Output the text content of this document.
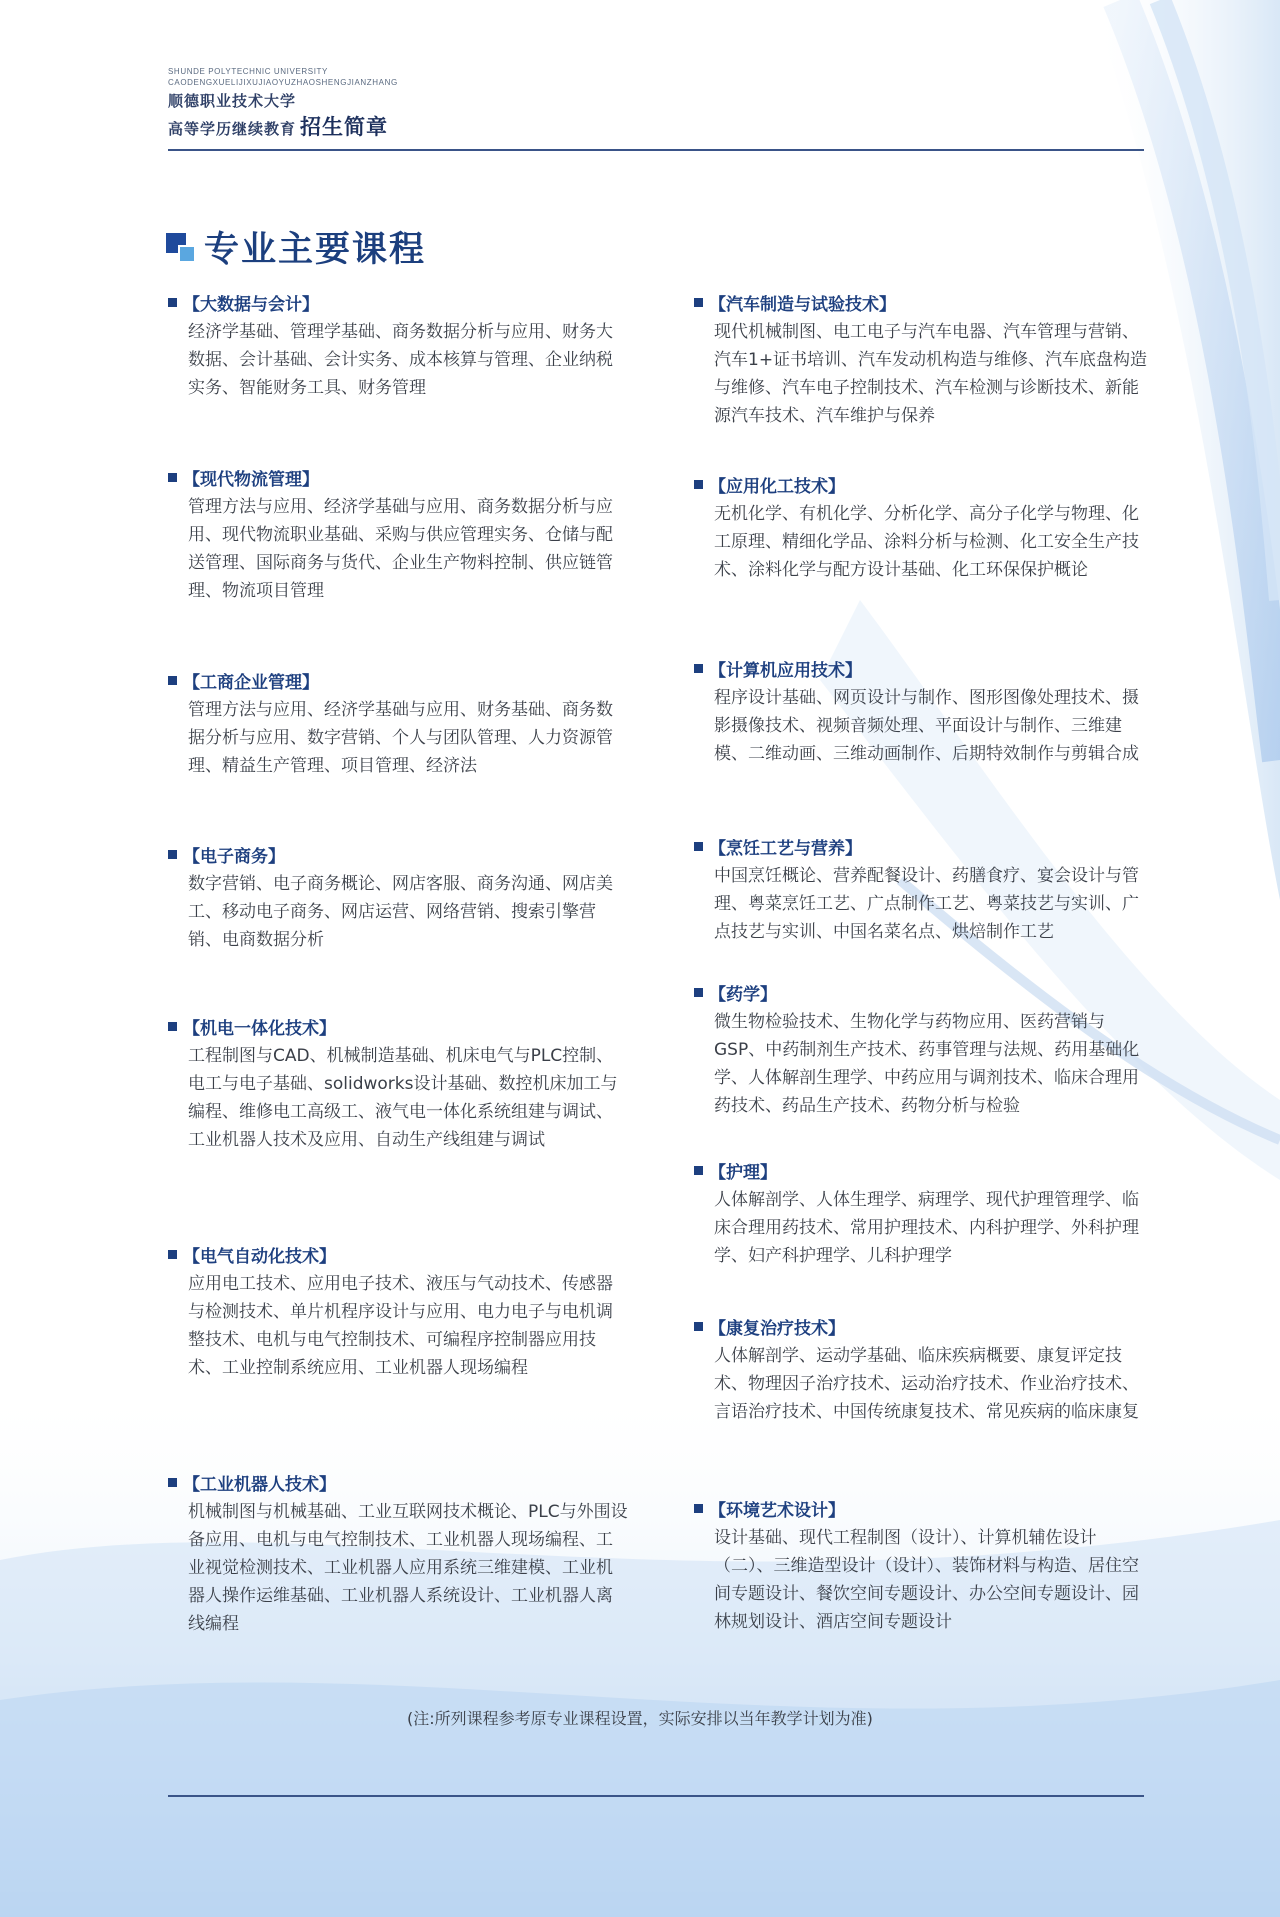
SHUNDE POLYTECHNIC UNIVERSITY
CAODENGXUELIJIXUJIAOYUZHAOSHENGJIANZHANG
顺德职业技术大学
高等学历继续教育 招生简章
专业主要课程
【大数据与会计】
经济学基础、管理学基础、商务数据分析与应用、财务大数据、会计基础、会计实务、成本核算与管理、企业纳税实务、智能财务工具、财务管理
【现代物流管理】
管理方法与应用、经济学基础与应用、商务数据分析与应用、现代物流职业基础、采购与供应管理实务、仓储与配送管理、国际商务与货代、企业生产物料控制、供应链管理、物流项目管理
【工商企业管理】
管理方法与应用、经济学基础与应用、财务基础、商务数据分析与应用、数字营销、个人与团队管理、人力资源管理、精益生产管理、项目管理、经济法
【电子商务】
数字营销、电子商务概论、网店客服、商务沟通、网店美工、移动电子商务、网店运营、网络营销、搜索引擎营销、电商数据分析
【机电一体化技术】
工程制图与CAD、机械制造基础、机床电气与PLC控制、电工与电子基础、solidworks设计基础、数控机床加工与编程、维修电工高级工、液气电一体化系统组建与调试、工业机器人技术及应用、自动生产线组建与调试
【电气自动化技术】
应用电工技术、应用电子技术、液压与气动技术、传感器与检测技术、单片机程序设计与应用、电力电子与电机调整技术、电机与电气控制技术、可编程序控制器应用技术、工业控制系统应用、工业机器人现场编程
【工业机器人技术】
机械制图与机械基础、工业互联网技术概论、PLC与外围设备应用、电机与电气控制技术、工业机器人现场编程、工业视觉检测技术、工业机器人应用系统三维建模、工业机器人操作运维基础、工业机器人系统设计、工业机器人离线编程
【汽车制造与试验技术】
现代机械制图、电工电子与汽车电器、汽车管理与营销、汽车1+证书培训、汽车发动机构造与维修、汽车底盘构造与维修、汽车电子控制技术、汽车检测与诊断技术、新能源汽车技术、汽车维护与保养
【应用化工技术】
无机化学、有机化学、分析化学、高分子化学与物理、化工原理、精细化学品、涂料分析与检测、化工安全生产技术、涂料化学与配方设计基础、化工环保保护概论
【计算机应用技术】
程序设计基础、网页设计与制作、图形图像处理技术、摄影摄像技术、视频音频处理、平面设计与制作、三维建模、二维动画、三维动画制作、后期特效制作与剪辑合成
【烹饪工艺与营养】
中国烹饪概论、营养配餐设计、药膳食疗、宴会设计与管理、粤菜烹饪工艺、广点制作工艺、粤菜技艺与实训、广点技艺与实训、中国名菜名点、烘焙制作工艺
【药学】
微生物检验技术、生物化学与药物应用、医药营销与GSP、中药制剂生产技术、药事管理与法规、药用基础化学、人体解剖生理学、中药应用与调剂技术、临床合理用药技术、药品生产技术、药物分析与检验
【护理】
人体解剖学、人体生理学、病理学、现代护理管理学、临床合理用药技术、常用护理技术、内科护理学、外科护理学、妇产科护理学、儿科护理学
【康复治疗技术】
人体解剖学、运动学基础、临床疾病概要、康复评定技术、物理因子治疗技术、运动治疗技术、作业治疗技术、言语治疗技术、中国传统康复技术、常见疾病的临床康复
【环境艺术设计】
设计基础、现代工程制图（设计）、计算机辅佐设计（二）、三维造型设计（设计）、装饰材料与构造、居住空间专题设计、餐饮空间专题设计、办公空间专题设计、园林规划设计、酒店空间专题设计
(注:所列课程参考原专业课程设置，实际安排以当年教学计划为准)
